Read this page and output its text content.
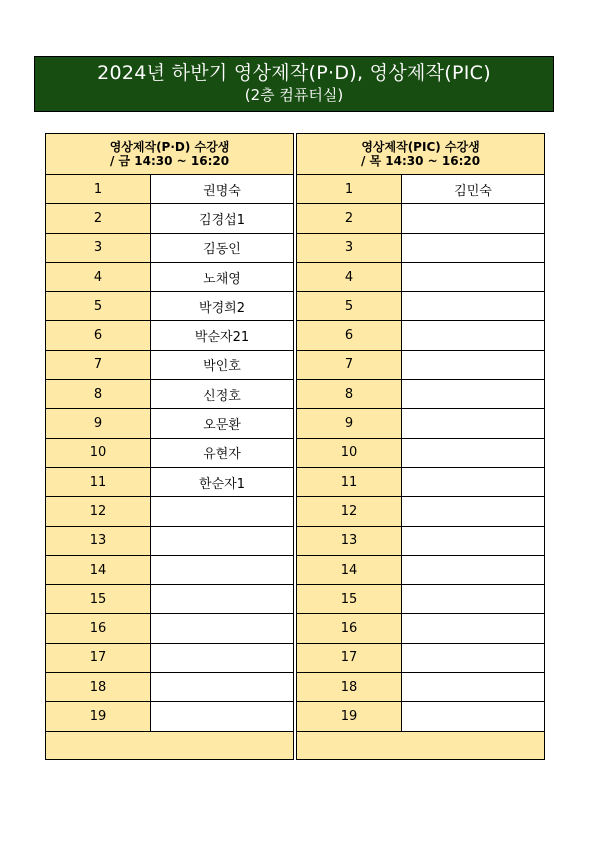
2024년 하반기 영상제작(P·D), 영상제작(PIC)
(2층 컴퓨터실)
영상제작(P·D) 수강생
/ 금 14:30 ~ 16:20	

1	권명숙
2	김경섭1
3	김동인
4	노채영
5	박경희2
6	박순자21
7	박인호
8	신정호
9	오문환
10	유현자
11	한순자1
12	
13	
14	
15	
16	
17	
18	
19	

영상제작(PIC) 수강생
/ 목 14:30 ~ 16:20	

1	김민숙
2	
3	
4	
5	
6	
7	
8	
9	
10	
11	
12	
13	
14	
15	
16	
17	
18	
19	
